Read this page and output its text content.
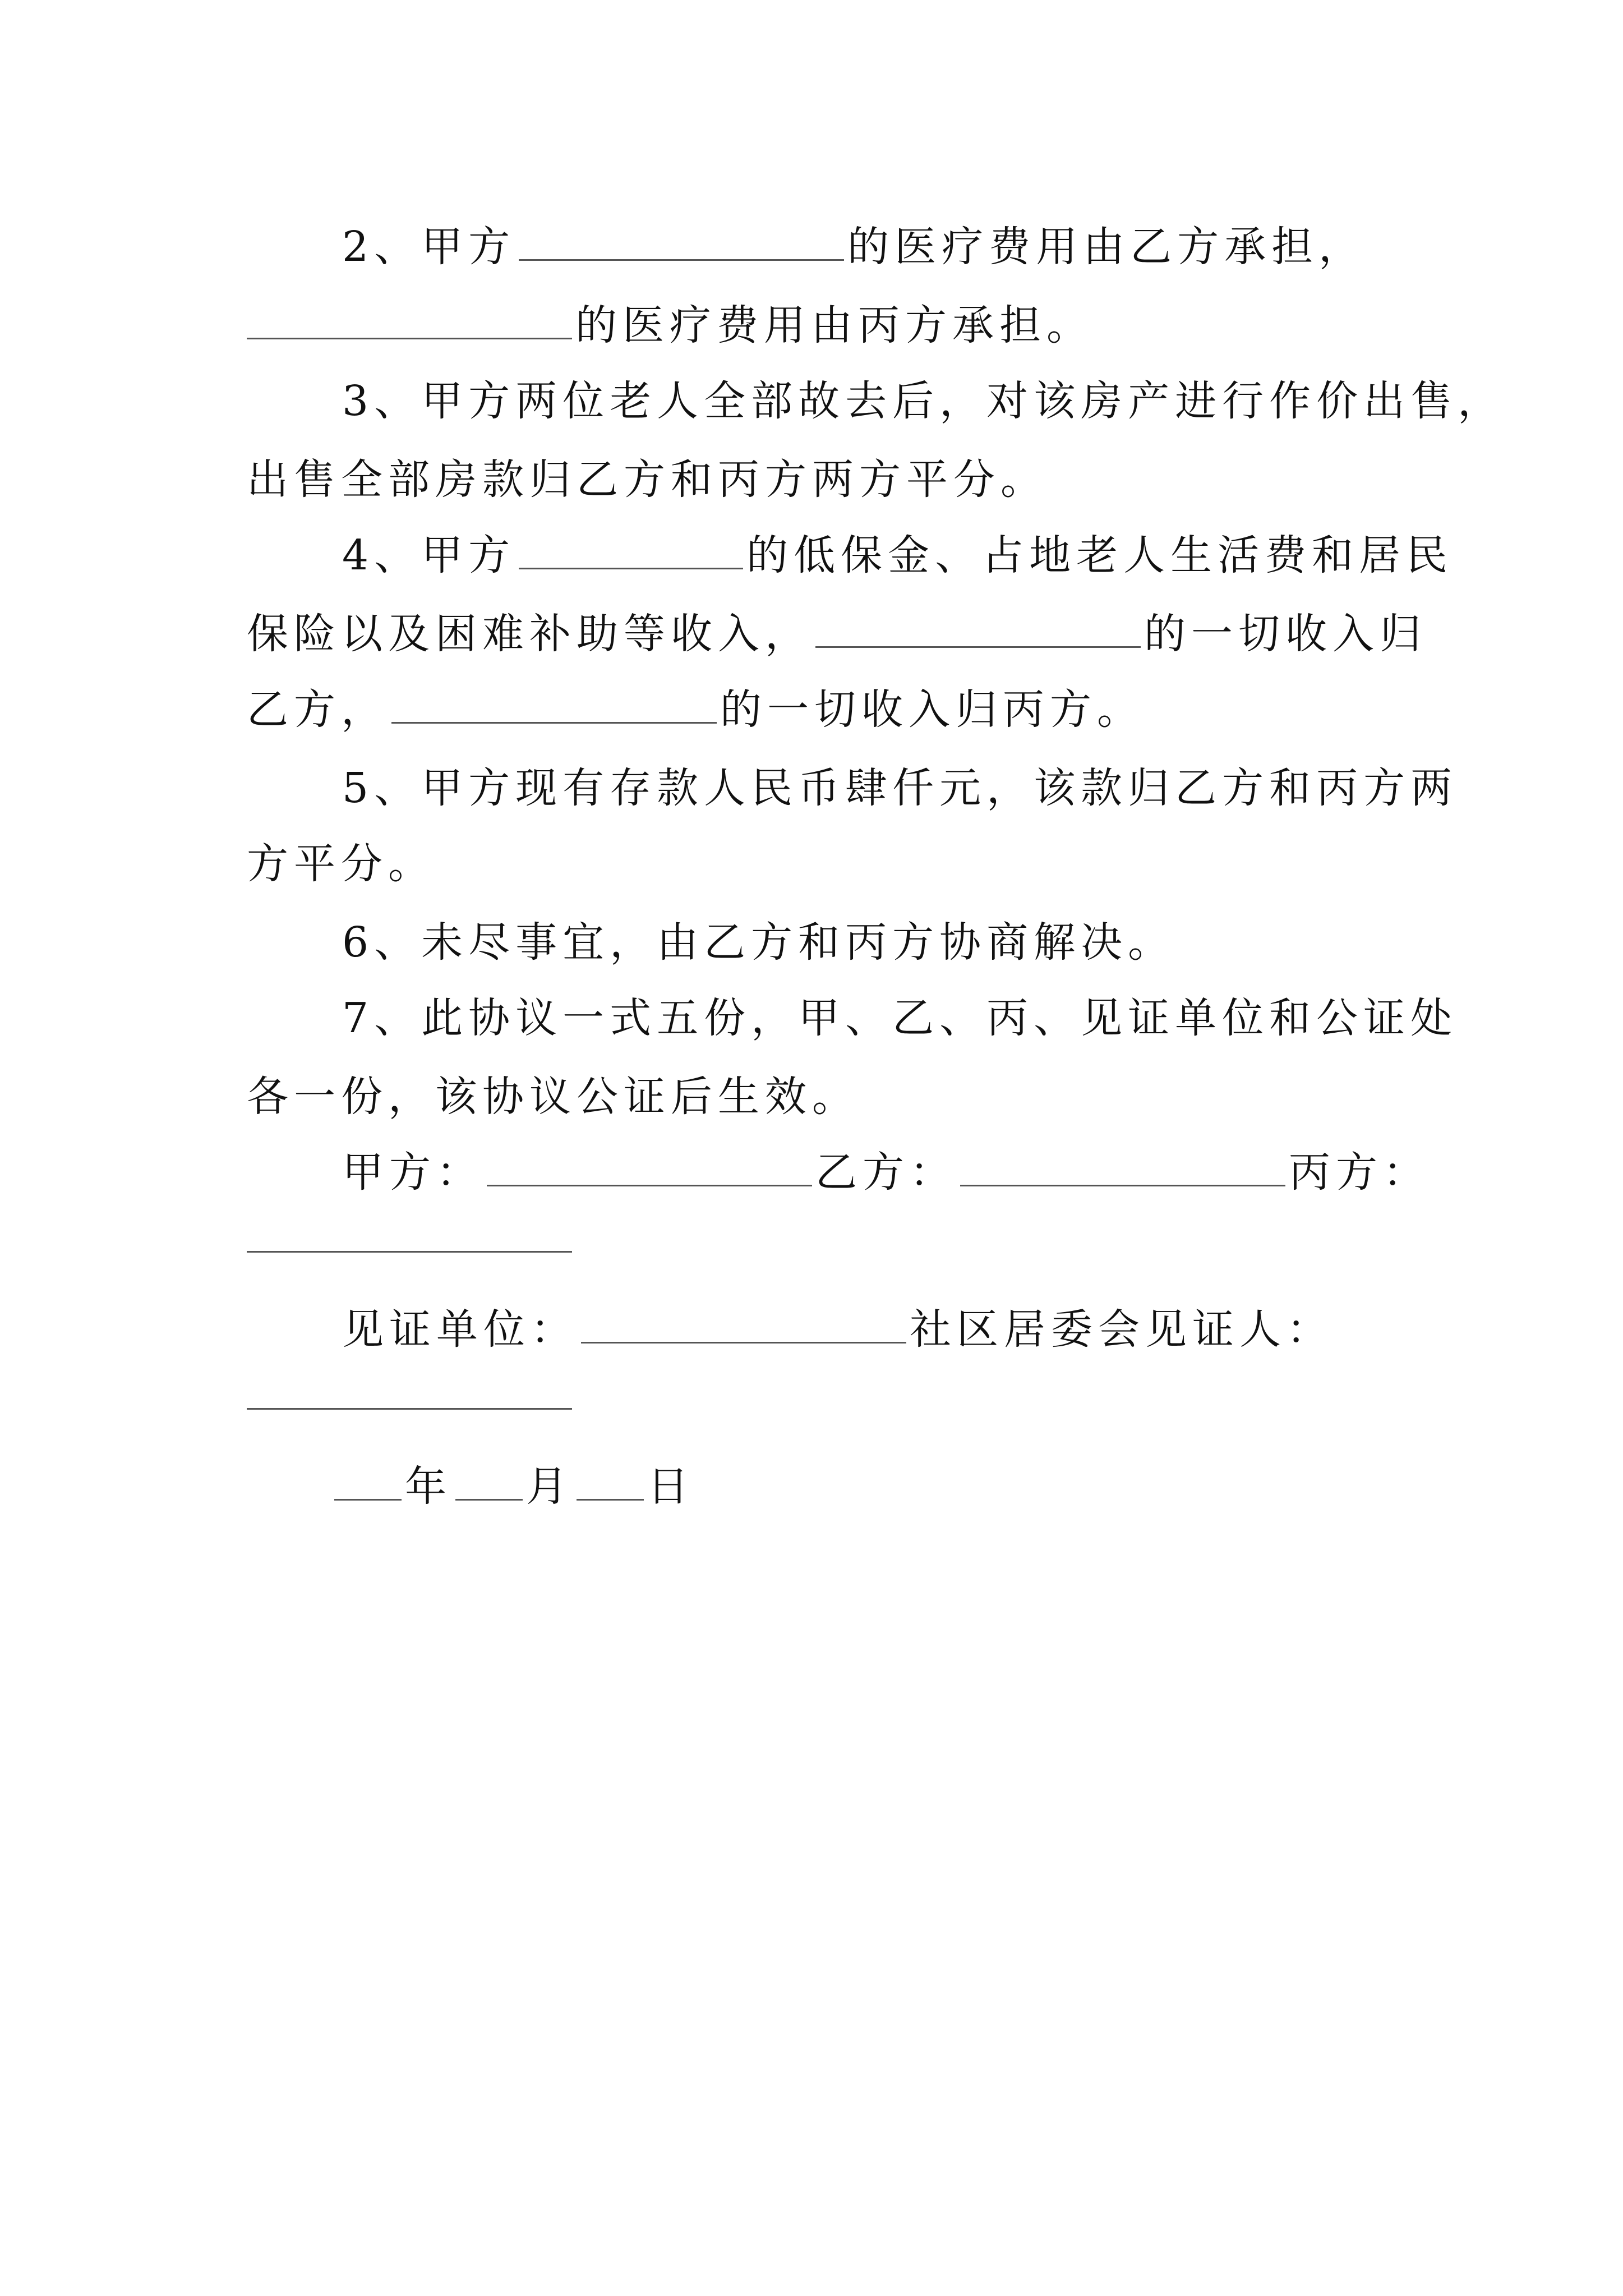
2、甲方	的医疗费用由乙方承担，
的医疗费用由丙方承担。
3、甲方两位老人全部故去后，对该房产进行作价出售，
出售全部房款归乙方和丙方两方平分。
4、甲方	的低保金、占地老人生活费和居民
保险以及困难补助等收入，	的一切收入归
乙方，	的一切收入归丙方。
5、甲方现有存款人民币肆仟元，该款归乙方和丙方两
方平分。
6、未尽事宜，由乙方和丙方协商解决。
7、此协议一式五份，甲、乙、丙、见证单位和公证处
各一份，该协议公证后生效。
甲方：	乙方：	丙方：
见证单位：	社区居委会见证人：
年 月 日
